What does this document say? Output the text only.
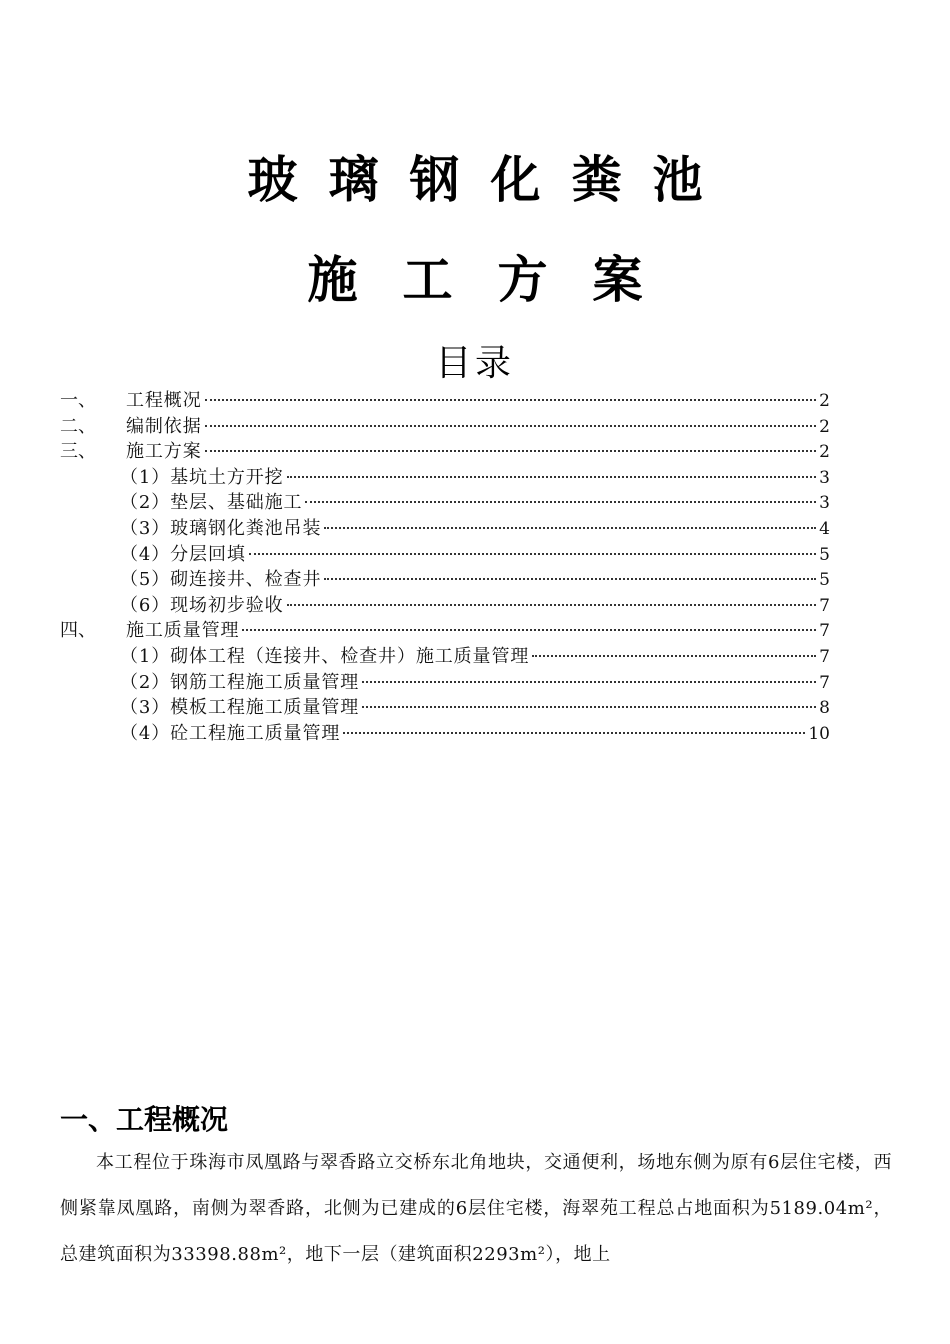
玻璃钢化粪池
施工方案
目录
一、	工程概况	2
二、	编制依据	2
三、	施工方案	2
（1）基坑土方开挖	3
（2）垫层、基础施工	3
（3）玻璃钢化粪池吊装	4
（4）分层回填	5
（5）砌连接井、检查井	5
（6）现场初步验收	7
四、	施工质量管理	7
（1）砌体工程（连接井、检查井）施工质量管理	7
（2）钢筋工程施工质量管理	7
（3）模板工程施工质量管理	8
（4）砼工程施工质量管理	10
一、工程概况

本工程位于珠海市凤凰路与翠香路立交桥东北角地块，交通便利，场地东侧为原有6层住宅楼，西侧紧靠凤凰路，南侧为翠香路，北侧为已建成的6层住宅楼，海翠苑工程总占地面积为5189.04m²，总建筑面积为33398.88m²，地下一层（建筑面积2293m²），地上
